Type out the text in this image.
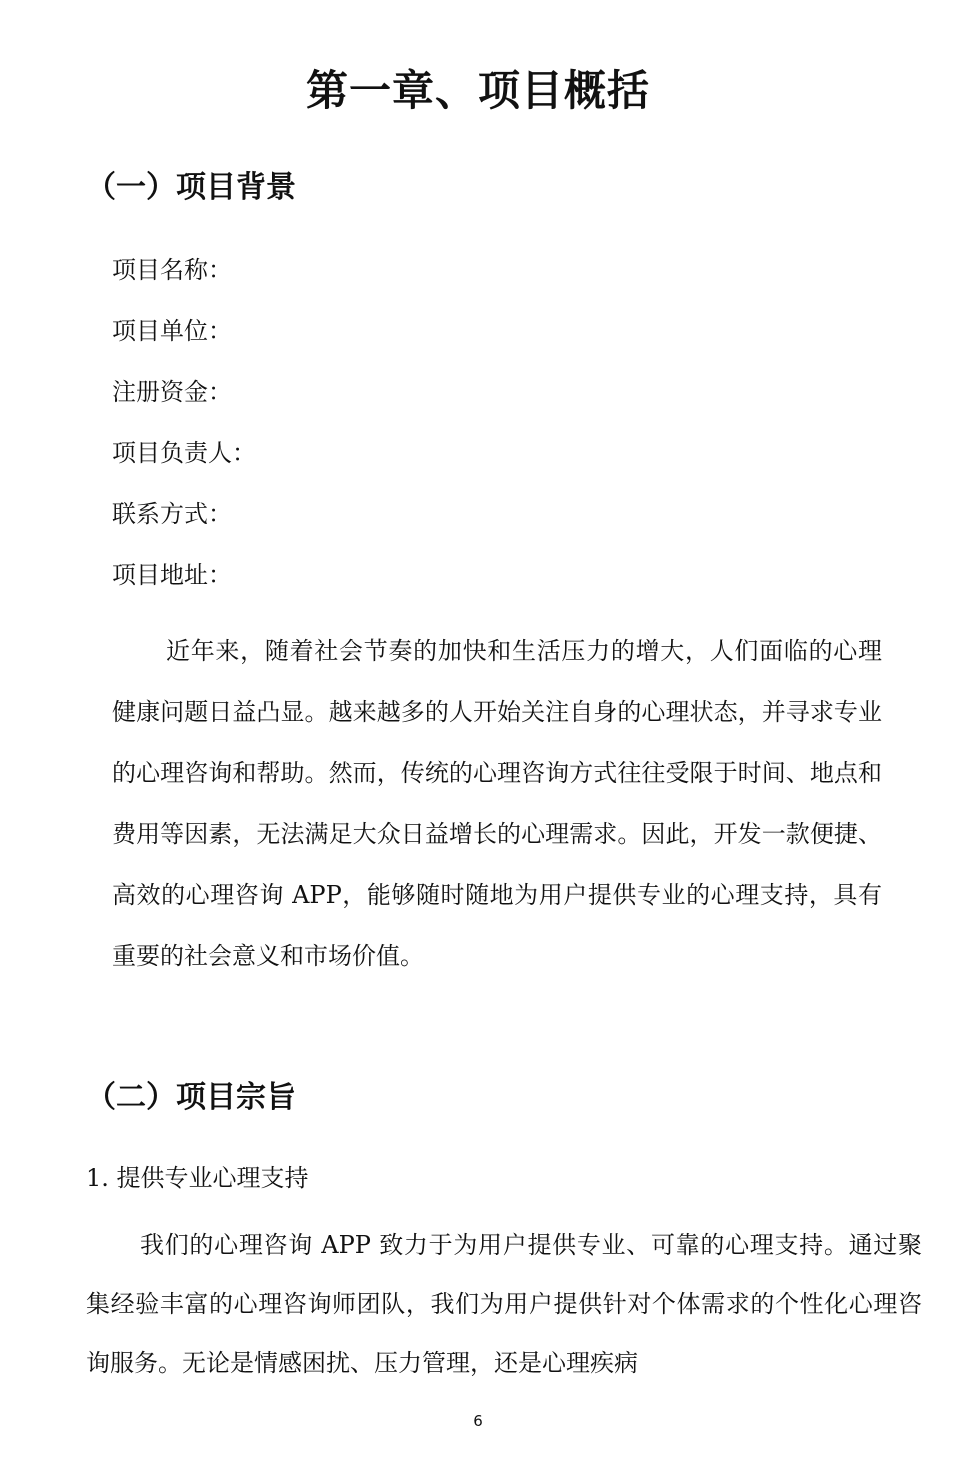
第一章、项目概括
（一）项目背景
项目名称：
项目单位：
注册资金：
项目负责人：
联系方式：
项目地址：

近年来，随着社会节奏的加快和生活压力的增大，人们面临的心理健康问题日益凸显。越来越多的人开始关注自身的心理状态，并寻求专业的心理咨询和帮助。然而，传统的心理咨询方式往往受限于时间、地点和费用等因素，无法满足大众日益增长的心理需求。因此，开发一款便捷、高效的心理咨询 APP，能够随时随地为用户提供专业的心理支持，具有重要的社会意义和市场价值。

（二）项目宗旨
1. 提供专业心理支持

我们的心理咨询 APP 致力于为用户提供专业、可靠的心理支持。通过聚集经验丰富的心理咨询师团队，我们为用户提供针对个体需求的个性化心理咨询服务。无论是情感困扰、压力管理，还是心理疾病

6
